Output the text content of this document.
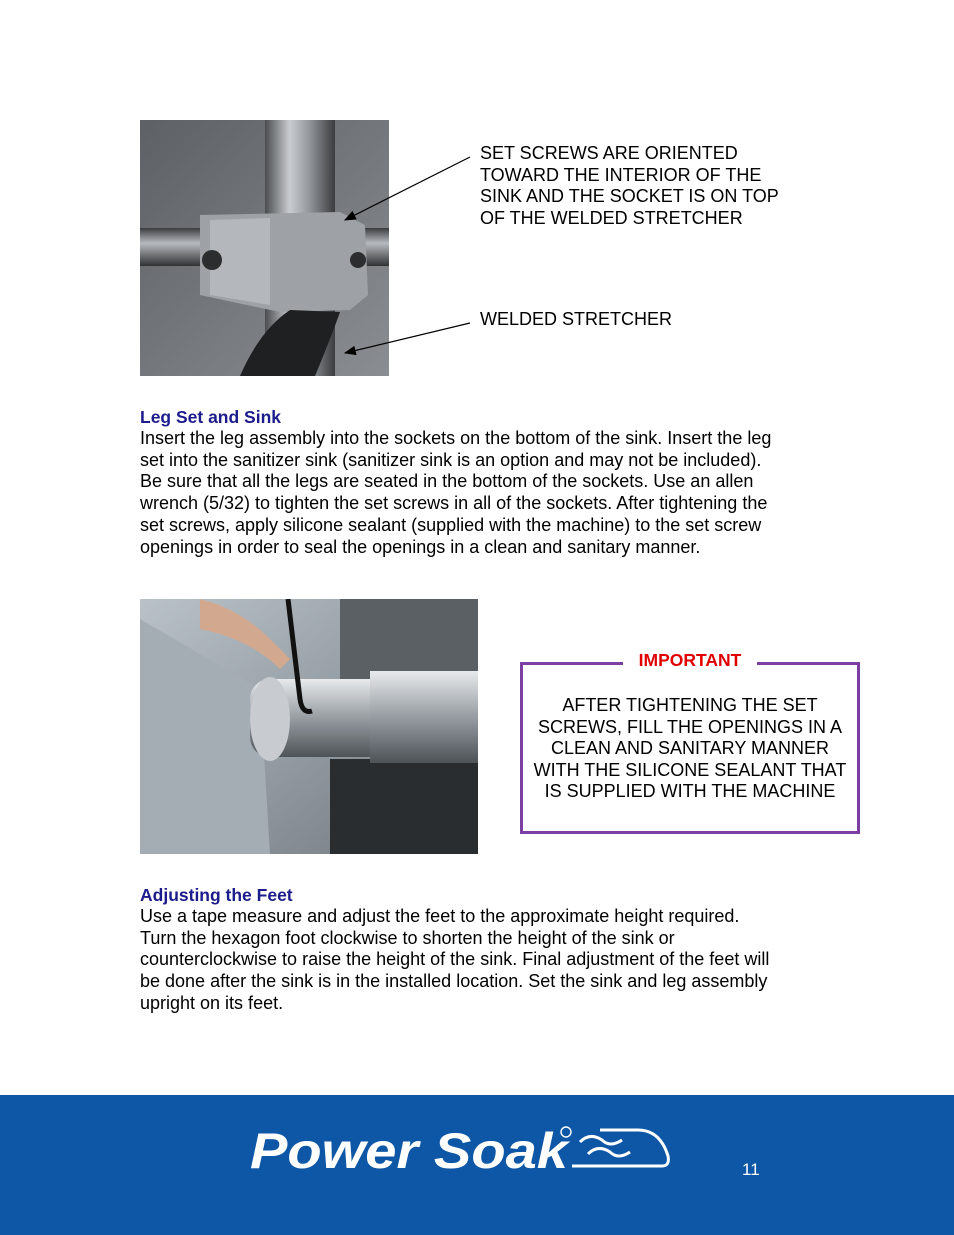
SET SCREWS ARE ORIENTED TOWARD THE INTERIOR OF THE SINK AND THE SOCKET IS ON TOP OF THE WELDED STRETCHER

WELDED STRETCHER

Leg Set and Sink

Insert the leg assembly into the sockets on the bottom of the sink. Insert the leg set into the sanitizer sink (sanitizer sink is an option and may not be included). Be sure that all the legs are seated in the bottom of the sockets. Use an allen wrench (5/32) to tighten the set screws in all of the sockets. After tightening the set screws, apply silicone sealant (supplied with the machine) to the set screw openings in order to seal the openings in a clean and sanitary manner.

IMPORTANT

AFTER TIGHTENING THE SET SCREWS, FILL THE OPENINGS IN A CLEAN AND SANITARY MANNER WITH THE SILICONE SEALANT THAT IS SUPPLIED WITH THE MACHINE

Adjusting the Feet

Use a tape measure and adjust the feet to the approximate height required. Turn the hexagon foot clockwise to shorten the height of the sink or counterclockwise to raise the height of the sink. Final adjustment of the feet will be done after the sink is in the installed location. Set the sink and leg assembly upright on its feet.

Power Soak	11
